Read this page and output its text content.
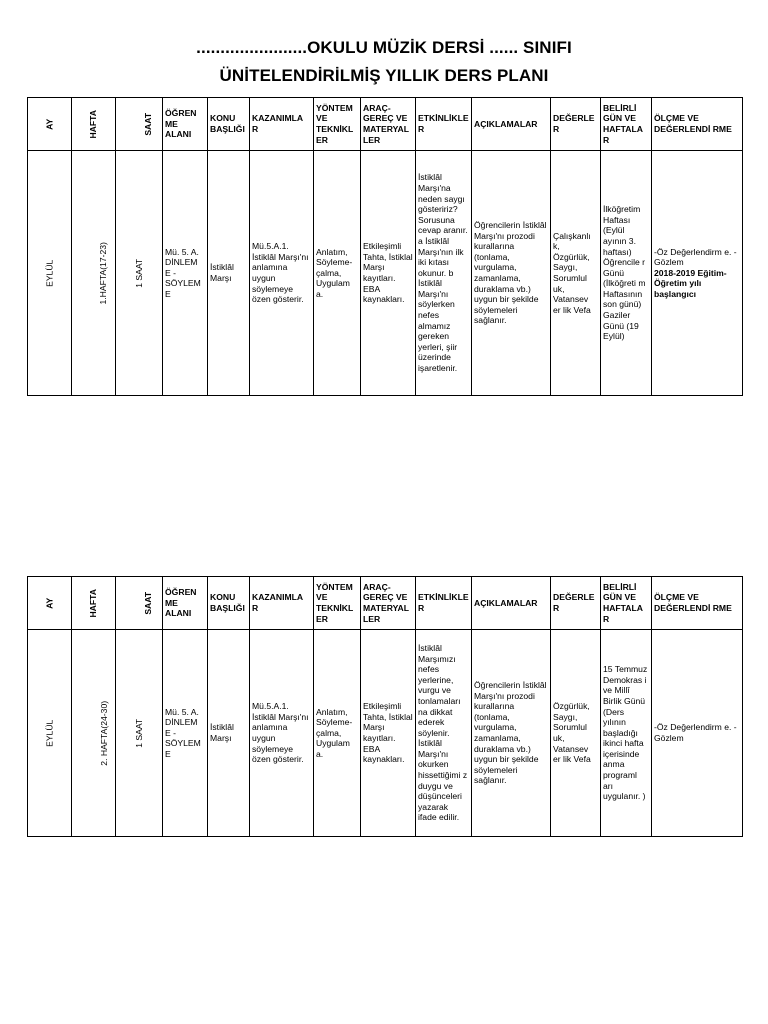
.......................OKULU MÜZİK DERSİ ...... SINIFI
ÜNİTELENDİRİLMİŞ YILLIK DERS PLANI
AY	HAFTA	SAAT	ÖĞREN ME ALANI	KONU BAŞLIĞI	KAZANIMLA R	YÖNTEM VE TEKNİKL ER	ARAÇ-GEREÇ VE MATERYAL LER	ETKİNLİKLE R	AÇIKLAMALAR	DEĞERLE R	BELİRLİ GÜN VE HAFTALA R	ÖLÇME VE DEĞERLENDİ RME
EYLÜL	1.HAFTA(17-23)	1 SAAT	Mü. 5. A. DİNLEM E - SÖYLEM E	İstiklâl Marşı	Mü.5.A.1. İstiklâl Marşı'nı anlamına uygun söylemeye özen gösterir.	Anlatım, Söyleme-çalma, Uygulam a.	Etkileşimli Tahta, İstiklal Marşı kayıtları. EBA kaynakları.	İstiklâl Marşı'na neden saygı gösteririz? Sorusuna cevap aranır. a İstiklâl Marşı'nın ilk iki kıtası okunur. b İstiklâl Marşı'nı söylerken nefes almamız gereken yerleri, şiir üzerinde işaretlenir.	Öğrencilerin İstiklâl Marşı'nı prozodi kurallarına (tonlama, vurgulama, zamanlama, duraklama vb.) uygun bir şekilde söylemeleri sağlanır.	Çalışkanlı k, Özgürlük, Saygı, Sorumlul uk, Vatansev er lik Vefa	İlköğretim Haftası (Eylül ayının 3. haftası) Öğrencile r Günü (İlköğreti m Haftasının son günü) Gaziler Günü (19 Eylül)	-Öz Değerlendirm e. -Gözlem
2018-2019 Eğitim-Öğretim yılı başlangıcı
AY	HAFTA	SAAT	ÖĞREN ME ALANI	KONU BAŞLIĞI	KAZANIMLA R	YÖNTEM VE TEKNİKL ER	ARAÇ-GEREÇ VE MATERYAL LER	ETKİNLİKLE R	AÇIKLAMALAR	DEĞERLE R	BELİRLİ GÜN VE HAFTALA R	ÖLÇME VE DEĞERLENDİ RME
EYLÜL	2. HAFTA(24-30)	1 SAAT	Mü. 5. A. DİNLEM E - SÖYLEM E	İstiklâl Marşı	Mü.5.A.1. İstiklâl Marşı'nı anlamına uygun söylemeye özen gösterir.	Anlatım, Söyleme-çalma, Uygulam a.	Etkileşimli Tahta, İstiklal Marşı kayıtları. EBA kaynakları.	İstiklâl Marşımızı nefes yerlerine, vurgu ve tonlamaları na dikkat ederek söylenir. İstiklâl Marşı'nı okurken hissettiğimi z duygu ve düşünceleri yazarak ifade edilir.	Öğrencilerin İstiklâl Marşı'nı prozodi kurallarına (tonlama, vurgulama, zamanlama, duraklama vb.) uygun bir şekilde söylemeleri sağlanır.	Özgürlük, Saygı, Sorumlul uk, Vatansev er lik Vefa	15 Temmuz Demokras i ve Millî Birlik Günü (Ders yılının başladığı ikinci hafta içerisinde anma programl arı uygulanır. )	-Öz Değerlendirm e. -Gözlem
